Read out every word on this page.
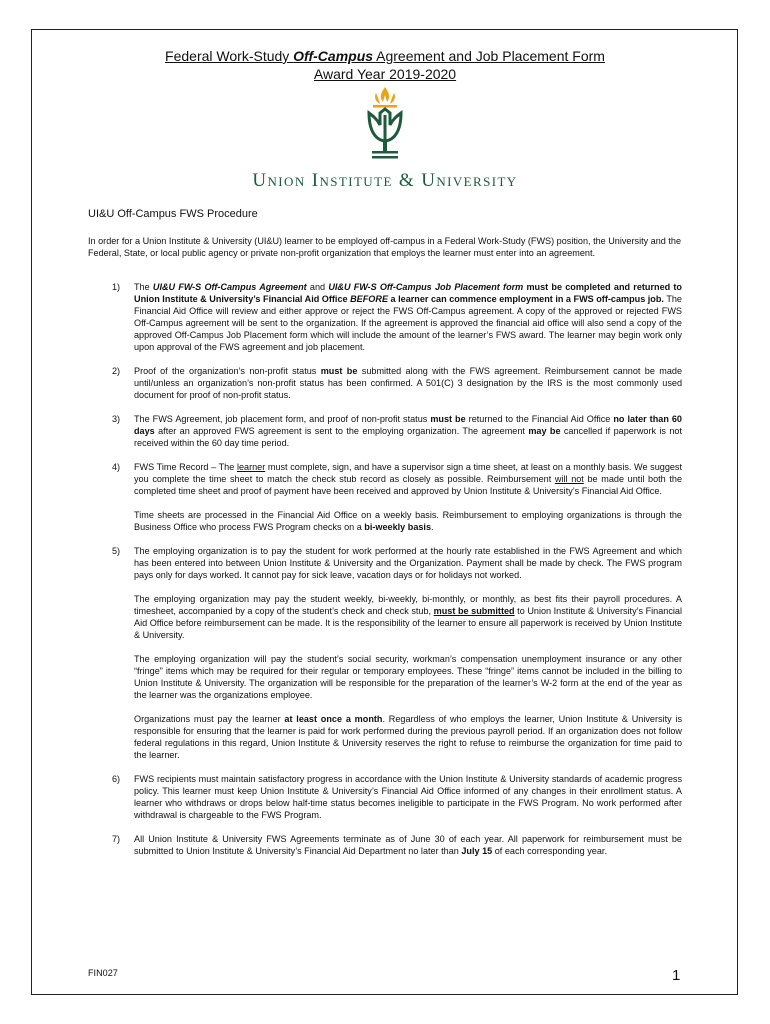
Federal Work-Study Off-Campus Agreement and Job Placement Form
Award Year 2019-2020
Union Institute & University
UI&U Off-Campus FWS Procedure

In order for a Union Institute & University (UI&U) learner to be employed off-campus in a Federal Work-Study (FWS) position, the University and the Federal, State, or local public agency or private non-profit organization that employs the learner must enter into an agreement.

1) The UI&U FW-S Off-Campus Agreement and UI&U FW-S Off-Campus Job Placement form must be completed and returned to Union Institute & University’s Financial Aid Office BEFORE a learner can commence employment in a FWS off-campus job. The Financial Aid Office will review and either approve or reject the FWS Off-Campus agreement. A copy of the approved or rejected FWS Off-Campus agreement will be sent to the organization. If the agreement is approved the financial aid office will also send a copy of the approved Off-Campus Job Placement form which will include the amount of the learner’s FWS award. The learner may begin work only upon approval of the FWS agreement and job placement.

2) Proof of the organization’s non-profit status must be submitted along with the FWS agreement. Reimbursement cannot be made until/unless an organization’s non-profit status has been confirmed. A 501(C) 3 designation by the IRS is the most commonly used document for proof of non-profit status.

3) The FWS Agreement, job placement form, and proof of non-profit status must be returned to the Financial Aid Office no later than 60 days after an approved FWS agreement is sent to the employing organization. The agreement may be cancelled if paperwork is not received within the 60 day time period.

4) FWS Time Record – The learner must complete, sign, and have a supervisor sign a time sheet, at least on a monthly basis. We suggest you complete the time sheet to match the check stub record as closely as possible. Reimbursement will not be made until both the completed time sheet and proof of payment have been received and approved by Union Institute & University’s Financial Aid Office.

Time sheets are processed in the Financial Aid Office on a weekly basis. Reimbursement to employing organizations is through the Business Office who process FWS Program checks on a bi-weekly basis.

5) The employing organization is to pay the student for work performed at the hourly rate established in the FWS Agreement and which has been entered into between Union Institute & University and the Organization. Payment shall be made by check. The FWS program pays only for days worked. It cannot pay for sick leave, vacation days or for holidays not worked.

The employing organization may pay the student weekly, bi-weekly, bi-monthly, or monthly, as best fits their payroll procedures. A timesheet, accompanied by a copy of the student’s check and check stub, must be submitted to Union Institute & University’s Financial Aid Office before reimbursement can be made. It is the responsibility of the learner to ensure all paperwork is received by Union Institute & University.

The employing organization will pay the student’s social security, workman’s compensation unemployment insurance or any other “fringe” items which may be required for their regular or temporary employees. These “fringe” items cannot be included in the billing to Union Institute & University. The organization will be responsible for the preparation of the learner’s W-2 form at the end of the year as the learner was the organizations employee.

Organizations must pay the learner at least once a month. Regardless of who employs the learner, Union Institute & University is responsible for ensuring that the learner is paid for work performed during the previous payroll period. If an organization does not follow federal regulations in this regard, Union Institute & University reserves the right to refuse to reimburse the organization for time paid to the learner.

6) FWS recipients must maintain satisfactory progress in accordance with the Union Institute & University standards of academic progress policy. This learner must keep Union Institute & University’s Financial Aid Office informed of any changes in their enrollment status. A learner who withdraws or drops below half-time status becomes ineligible to participate in the FWS Program. No work performed after withdrawal is chargeable to the FWS Program.

7) All Union Institute & University FWS Agreements terminate as of June 30 of each year. All paperwork for reimbursement must be submitted to Union Institute & University’s Financial Aid Department no later than July 15 of each corresponding year.

FIN027	1
